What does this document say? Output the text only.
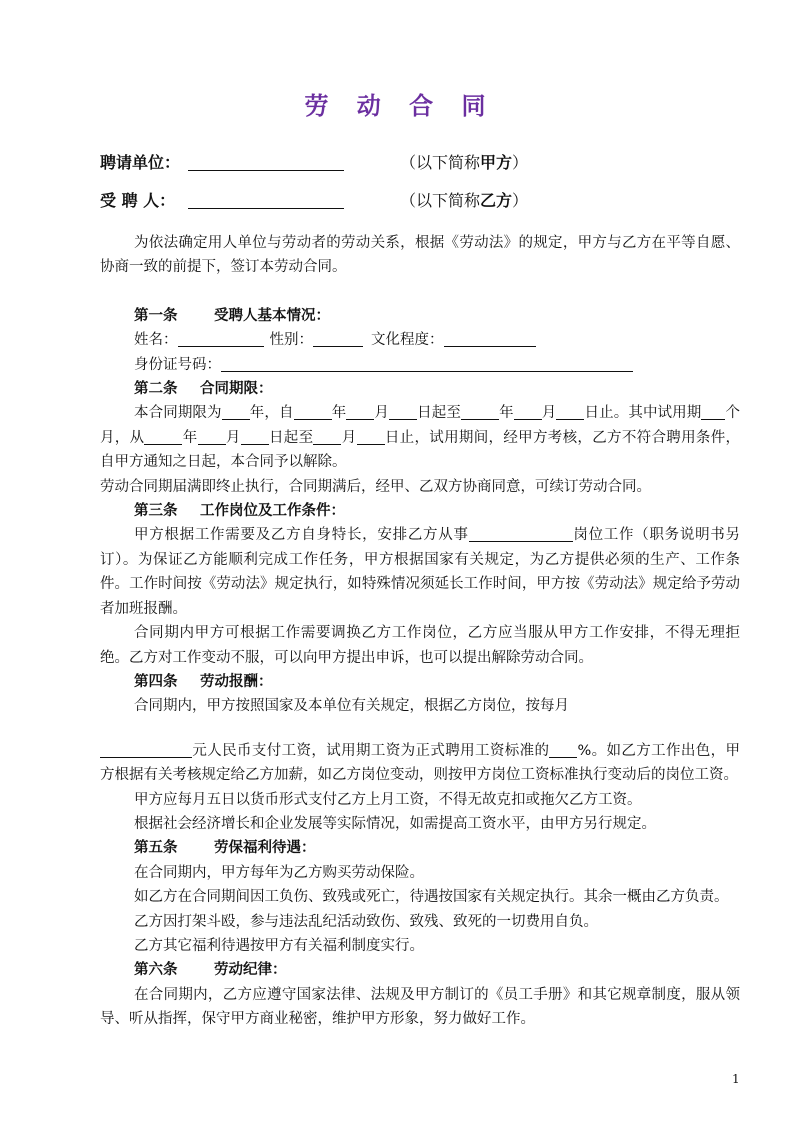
劳 动 合 同
聘请单位：	（以下简称甲方）
受 聘 人：	（以下简称乙方）

为依法确定用人单位与劳动者的劳动关系，根据《劳动法》的规定，甲方与乙方在平等自愿、协商一致的前提下，签订本劳动合同。

第一条	受聘人基本情况：

姓名：	性别：	文化程度：

身份证号码：

第二条 合同期限：

本合同期限为 年，自	年 月 日起至	年 月 日止。其中试用期 个月，从	年 月 日起至 月 日止，试用期间，经甲方考核，乙方不符合聘用条件，自甲方通知之日起，本合同予以解除。

劳动合同期届满即终止执行，合同期满后，经甲、乙双方协商同意，可续订劳动合同。

第三条 工作岗位及工作条件：

甲方根据工作需要及乙方自身特长，安排乙方从事	岗位工作（职务说明书另订）。为保证乙方能顺利完成工作任务，甲方根据国家有关规定，为乙方提供必须的生产、工作条件。工作时间按《劳动法》规定执行，如特殊情况须延长工作时间，甲方按《劳动法》规定给予劳动者加班报酬。

合同期内甲方可根据工作需要调换乙方工作岗位，乙方应当服从甲方工作安排，不得无理拒绝。乙方对工作变动不服，可以向甲方提出申诉，也可以提出解除劳动合同。

第四条 劳动报酬：

合同期内，甲方按照国家及本单位有关规定，根据乙方岗位，按每月

元人民币支付工资，试用期工资为正式聘用工资标准的 %。如乙方工作出色，甲方根据有关考核规定给乙方加薪，如乙方岗位变动，则按甲方岗位工资标准执行变动后的岗位工资。

甲方应每月五日以货币形式支付乙方上月工资，不得无故克扣或拖欠乙方工资。

根据社会经济增长和企业发展等实际情况，如需提高工资水平，由甲方另行规定。

第五条	劳保福利待遇：

在合同期内，甲方每年为乙方购买劳动保险。

如乙方在合同期间因工负伤、致残或死亡，待遇按国家有关规定执行。其余一概由乙方负责。

乙方因打架斗殴，参与违法乱纪活动致伤、致残、致死的一切费用自负。

乙方其它福利待遇按甲方有关福利制度实行。

第六条	劳动纪律：

在合同期内，乙方应遵守国家法律、法规及甲方制订的《员工手册》和其它规章制度，服从领导、听从指挥，保守甲方商业秘密，维护甲方形象，努力做好工作。

1
